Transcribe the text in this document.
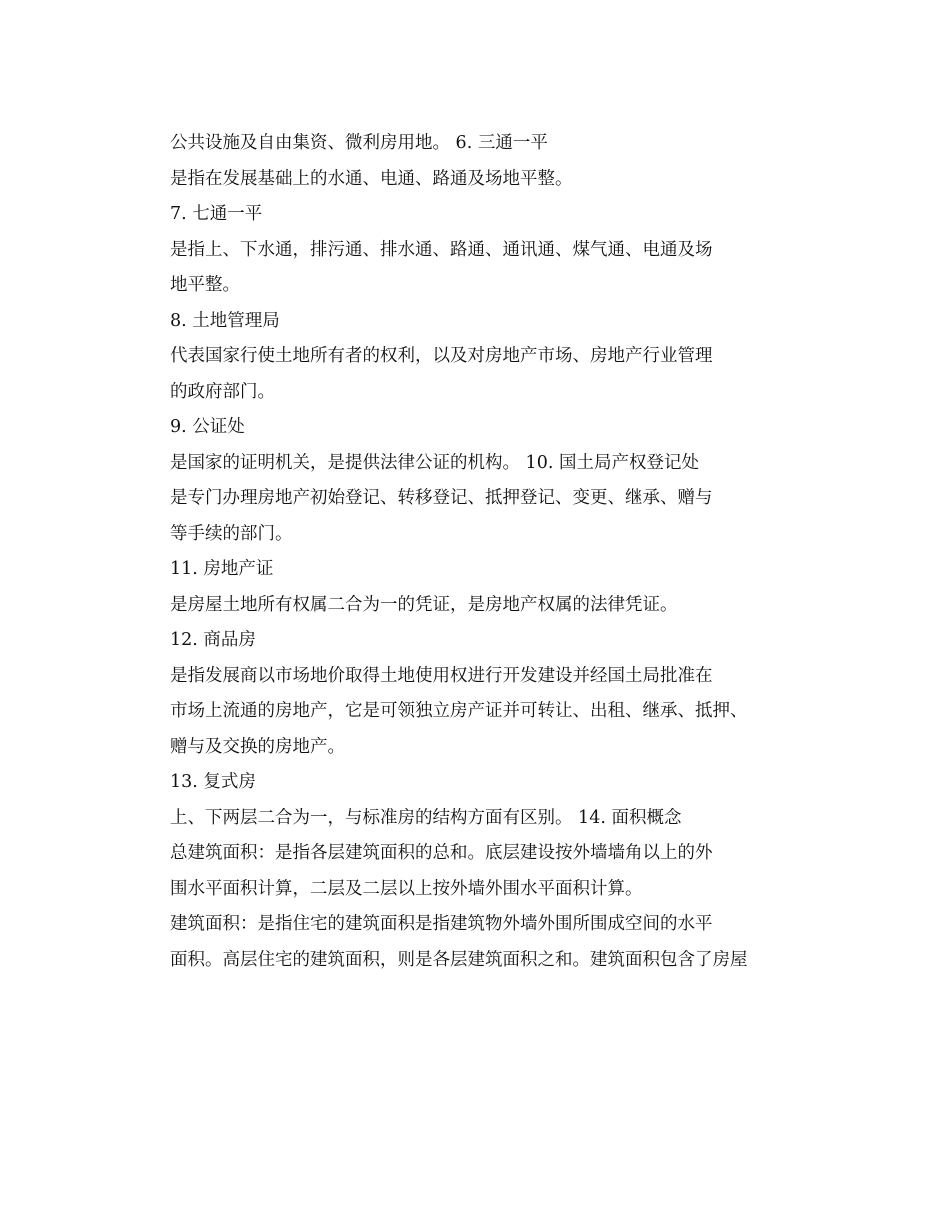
公共设施及自由集资、微利房用地。 6. 三通一平
是指在发展基础上的水通、电通、路通及场地平整。
7. 七通一平
是指上、下水通，排污通、排水通、路通、通讯通、煤气通、电通及场
地平整。
8. 土地管理局
代表国家行使土地所有者的权利，以及对房地产市场、房地产行业管理
的政府部门。
9. 公证处
是国家的证明机关，是提供法律公证的机构。 10. 国土局产权登记处
是专门办理房地产初始登记、转移登记、抵押登记、变更、继承、赠与
等手续的部门。
11. 房地产证
是房屋土地所有权属二合为一的凭证，是房地产权属的法律凭证。
12. 商品房
是指发展商以市场地价取得土地使用权进行开发建设并经国土局批准在
市场上流通的房地产，它是可领独立房产证并可转让、出租、继承、抵押、
赠与及交换的房地产。
13. 复式房
上、下两层二合为一，与标准房的结构方面有区别。 14. 面积概念
总建筑面积：是指各层建筑面积的总和。底层建设按外墙墙角以上的外
围水平面积计算，二层及二层以上按外墙外围水平面积计算。
建筑面积：是指住宅的建筑面积是指建筑物外墙外围所围成空间的水平
面积。高层住宅的建筑面积，则是各层建筑面积之和。建筑面积包含了房屋
